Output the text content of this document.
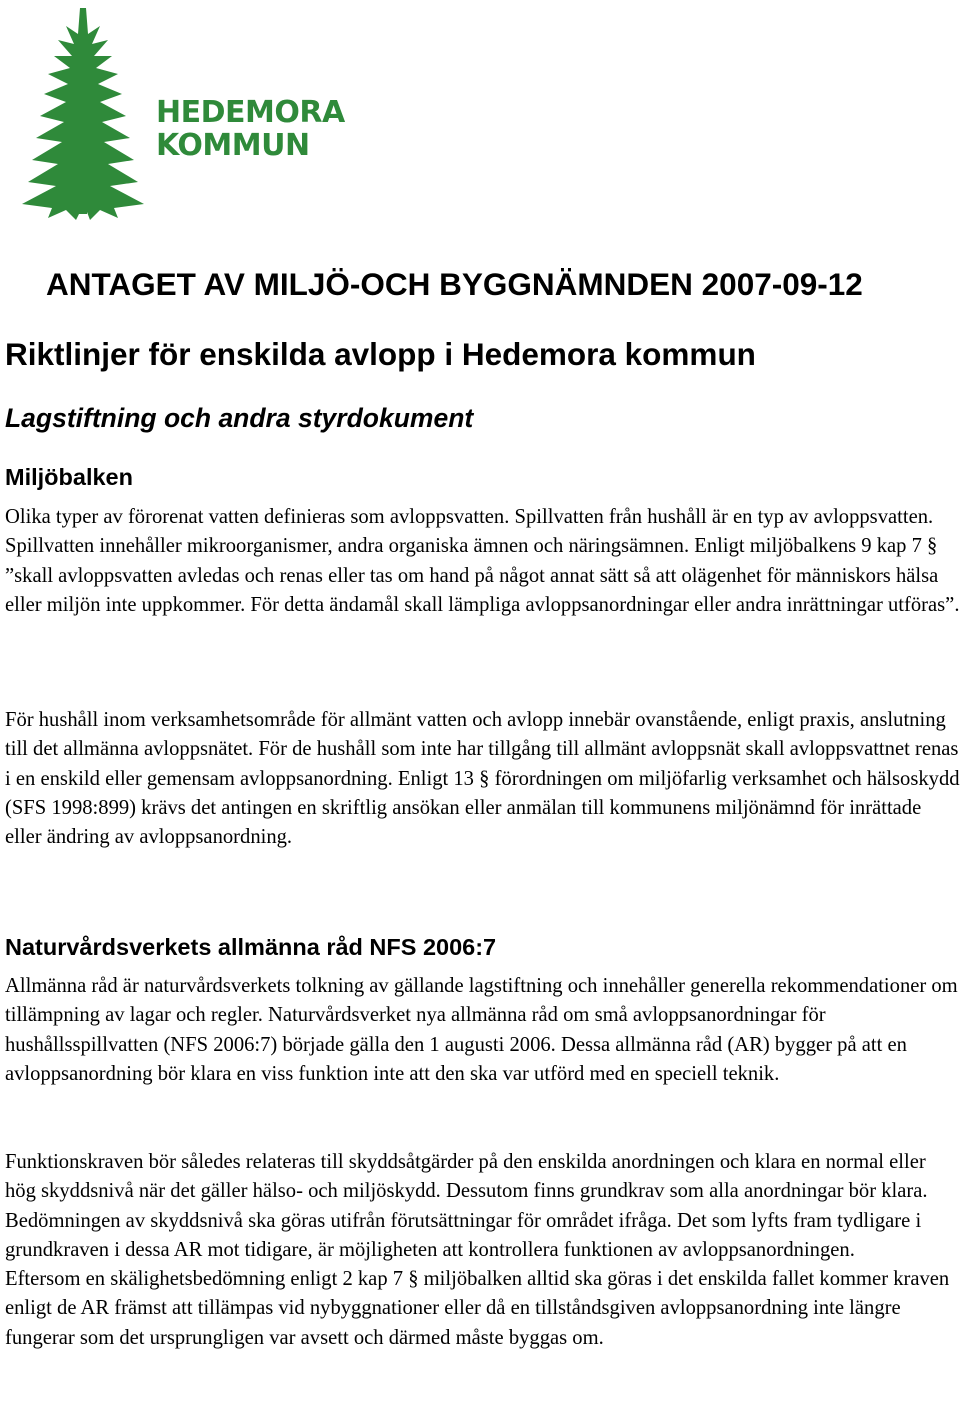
HEDEMORA
KOMMUN
ANTAGET AV MILJÖ-OCH BYGGNÄMNDEN 2007-09-12
Riktlinjer för enskilda avlopp i Hedemora kommun
Lagstiftning och andra styrdokument
Miljöbalken

Olika typer av förorenat vatten definieras som avloppsvatten. Spillvatten från hushåll är en typ av avloppsvatten. Spillvatten innehåller mikroorganismer, andra organiska ämnen och näringsämnen. Enligt miljöbalkens 9 kap 7 § ”skall avloppsvatten avledas och renas eller tas om hand på något annat sätt så att olägenhet för människors hälsa eller miljön inte uppkommer. För detta ändamål skall lämpliga avloppsanordningar eller andra inrättningar utföras”.

För hushåll inom verksamhetsområde för allmänt vatten och avlopp innebär ovanstående, enligt praxis, anslutning till det allmänna avloppsnätet. För de hushåll som inte har tillgång till allmänt avloppsnät skall avloppsvattnet renas i en enskild eller gemensam avloppsanordning. Enligt 13 § förordningen om miljöfarlig verksamhet och hälsoskydd (SFS 1998:899) krävs det antingen en skriftlig ansökan eller anmälan till kommunens miljönämnd för inrättade eller ändring av avloppsanordning.

Naturvårdsverkets allmänna råd NFS 2006:7

Allmänna råd är naturvårdsverkets tolkning av gällande lagstiftning och innehåller generella rekommendationer om tillämpning av lagar och regler. Naturvårdsverket nya allmänna råd om små avloppsanordningar för hushållsspillvatten (NFS 2006:7) började gälla den 1 augusti 2006. Dessa allmänna råd (AR) bygger på att en avloppsanordning bör klara en viss funktion inte att den ska var utförd med en speciell teknik.

Funktionskraven bör således relateras till skyddsåtgärder på den enskilda anordningen och klara en normal eller hög skyddsnivå när det gäller hälso- och miljöskydd. Dessutom finns grundkrav som alla anordningar bör klara. Bedömningen av skyddsnivå ska göras utifrån förutsättningar för området ifråga. Det som lyfts fram tydligare i grundkraven i dessa AR mot tidigare, är möjligheten att kontrollera funktionen av avloppsanordningen.
Eftersom en skälighetsbedömning enligt 2 kap 7 § miljöbalken alltid ska göras i det enskilda fallet kommer kraven enligt de AR främst att tillämpas vid nybyggnationer eller då en tillståndsgiven avloppsanordning inte längre fungerar som det ursprungligen var avsett och därmed måste byggas om.
